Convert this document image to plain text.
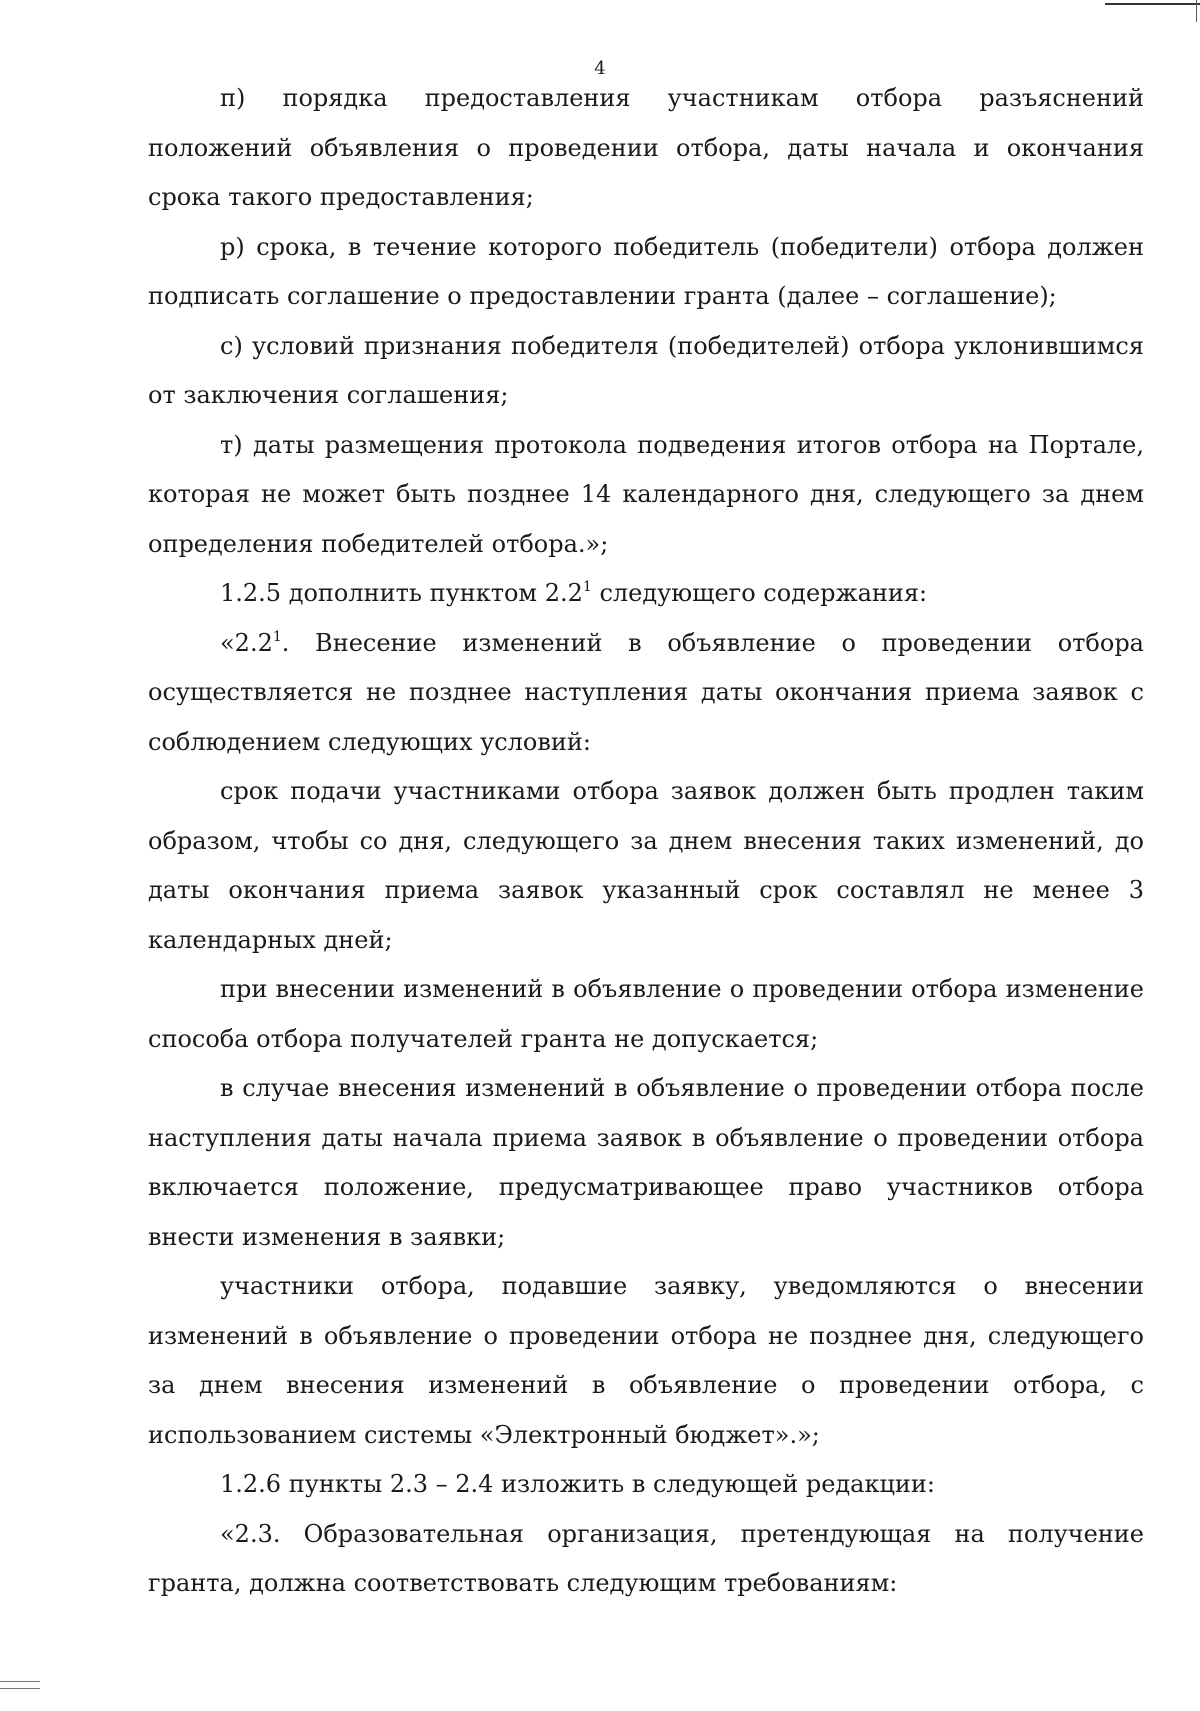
4

п) порядка предоставления участникам отбора разъяснений положений объявления о проведении отбора, даты начала и окончания срока такого предоставления;

р) срока, в течение которого победитель (победители) отбора должен подписать соглашение о предоставлении гранта (далее – соглашение);

с) условий признания победителя (победителей) отбора уклонившимся от заключения соглашения;

т) даты размещения протокола подведения итогов отбора на Портале, которая не может быть позднее 14 календарного дня, следующего за днем определения победителей отбора.»;

1.2.5 дополнить пунктом $2.2^1$ следующего содержания:

«$2.2^1$. Внесение изменений в объявление о проведении отбора осуществляется не позднее наступления даты окончания приема заявок с соблюдением следующих условий:

срок подачи участниками отбора заявок должен быть продлен таким образом, чтобы со дня, следующего за днем внесения таких изменений, до даты окончания приема заявок указанный срок составлял не менее 3 календарных дней;

при внесении изменений в объявление о проведении отбора изменение способа отбора получателей гранта не допускается;

в случае внесения изменений в объявление о проведении отбора после наступления даты начала приема заявок в объявление о проведении отбора включается положение, предусматривающее право участников отбора внести изменения в заявки;

участники отбора, подавшие заявку, уведомляются о внесении изменений в объявление о проведении отбора не позднее дня, следующего за днем внесения изменений в объявление о проведении отбора, с использованием системы «Электронный бюджет».»;

1.2.6 пункты 2.3 – 2.4 изложить в следующей редакции:

«2.3. Образовательная организация, претендующая на получение гранта, должна соответствовать следующим требованиям:
